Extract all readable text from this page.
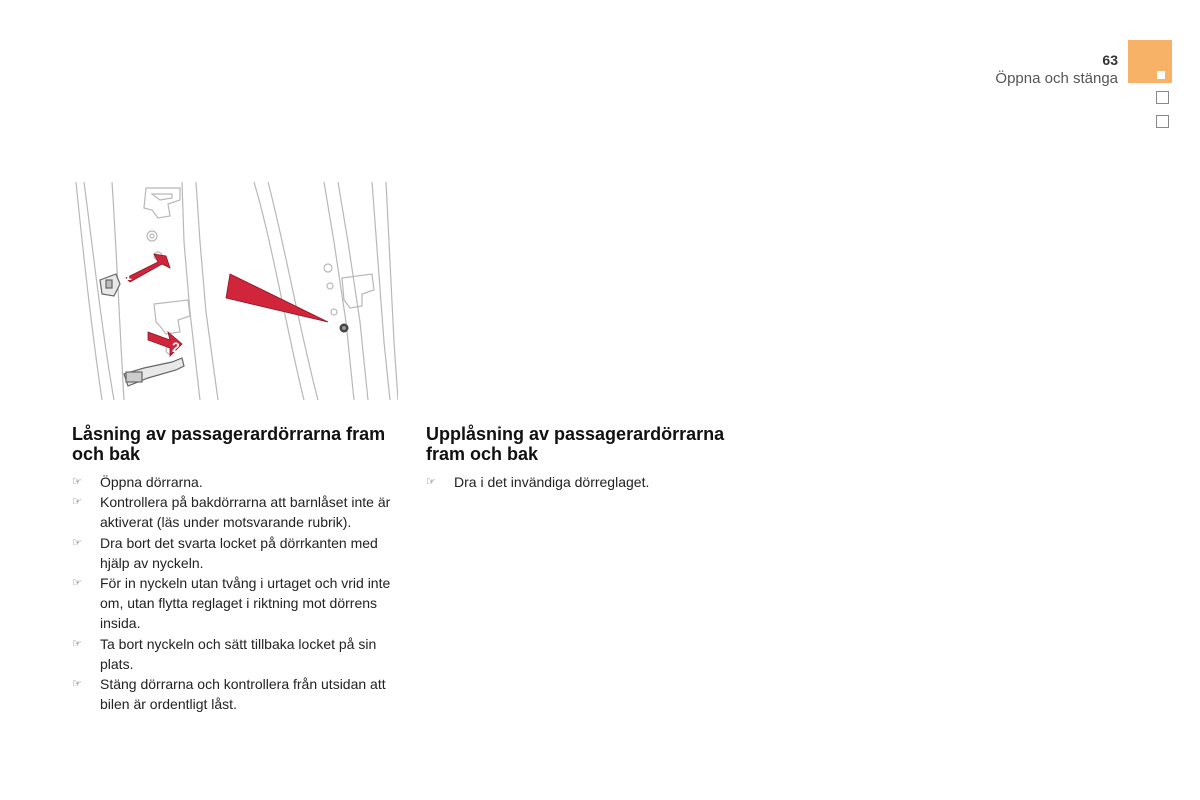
63
Öppna och stänga
1
2
Låsning av passagerardörrarna fram och bak
☞ Öppna dörrarna.
☞ Kontrollera på bakdörrarna att barnlåset inte är aktiverat (läs under motsvarande rubrik).
☞ Dra bort det svarta locket på dörrkanten med hjälp av nyckeln.
☞ För in nyckeln utan tvång i urtaget och vrid inte om, utan flytta reglaget i riktning mot dörrens insida.
☞ Ta bort nyckeln och sätt tillbaka locket på sin plats.
☞ Stäng dörrarna och kontrollera från utsidan att bilen är ordentligt låst.
Upplåsning av passagerardörrarna fram och bak
☞ Dra i det invändiga dörreglaget.
